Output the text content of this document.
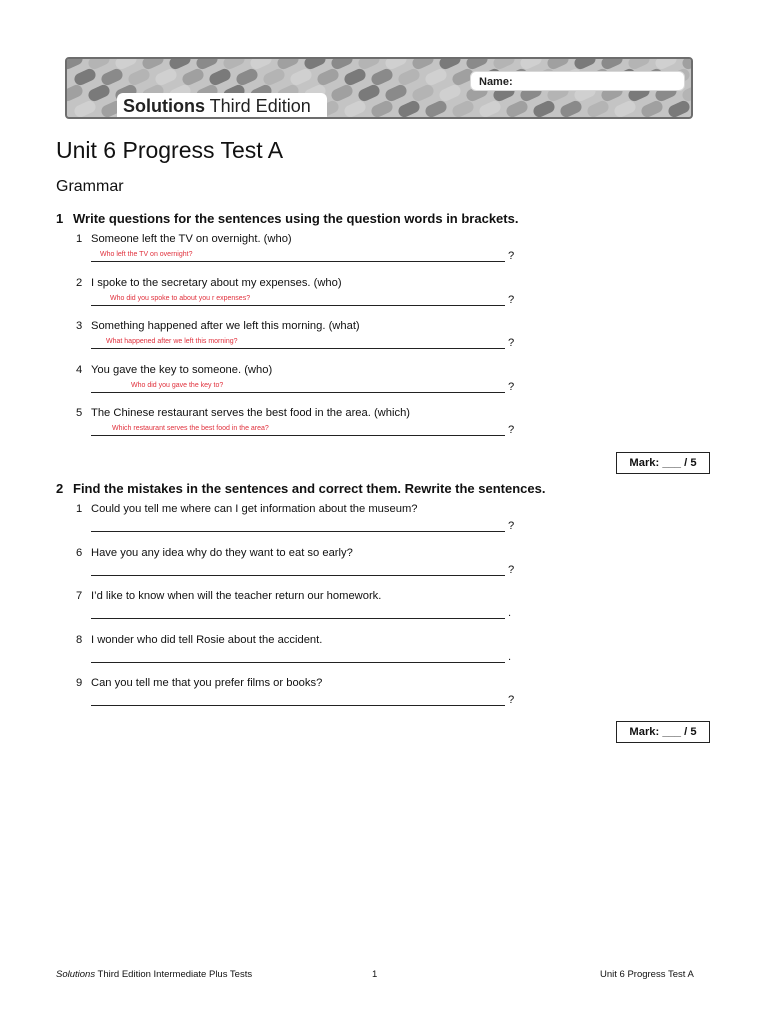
Name:
Solutions Third Edition
Unit 6 Progress Test A
Grammar
1 Write questions for the sentences using the question words in brackets.
1 Someone left the TV on overnight. (who)
Who left the TV on overnight?	?
2 I spoke to the secretary about my expenses. (who)
Who did you spoke to about you r expenses?	?
3 Something happened after we left this morning. (what)
What happened after we left this morning?	?
4 You gave the key to someone. (who)
Who did you gave the key to?	?
5 The Chinese restaurant serves the best food in the area. (which)
Which restaurant serves the best food in the area?	?
Mark: ___ / 5
2 Find the mistakes in the sentences and correct them. Rewrite the sentences.
1 Could you tell me where can I get information about the museum?
?
6 Have you any idea why do they want to eat so early?
?
7 I’d like to know when will the teacher return our homework.
.
8 I wonder who did tell Rosie about the accident.
.
9 Can you tell me that you prefer films or books?
?
Mark: ___ / 5
Solutions Third Edition Intermediate Plus Tests	1	Unit 6 Progress Test A
